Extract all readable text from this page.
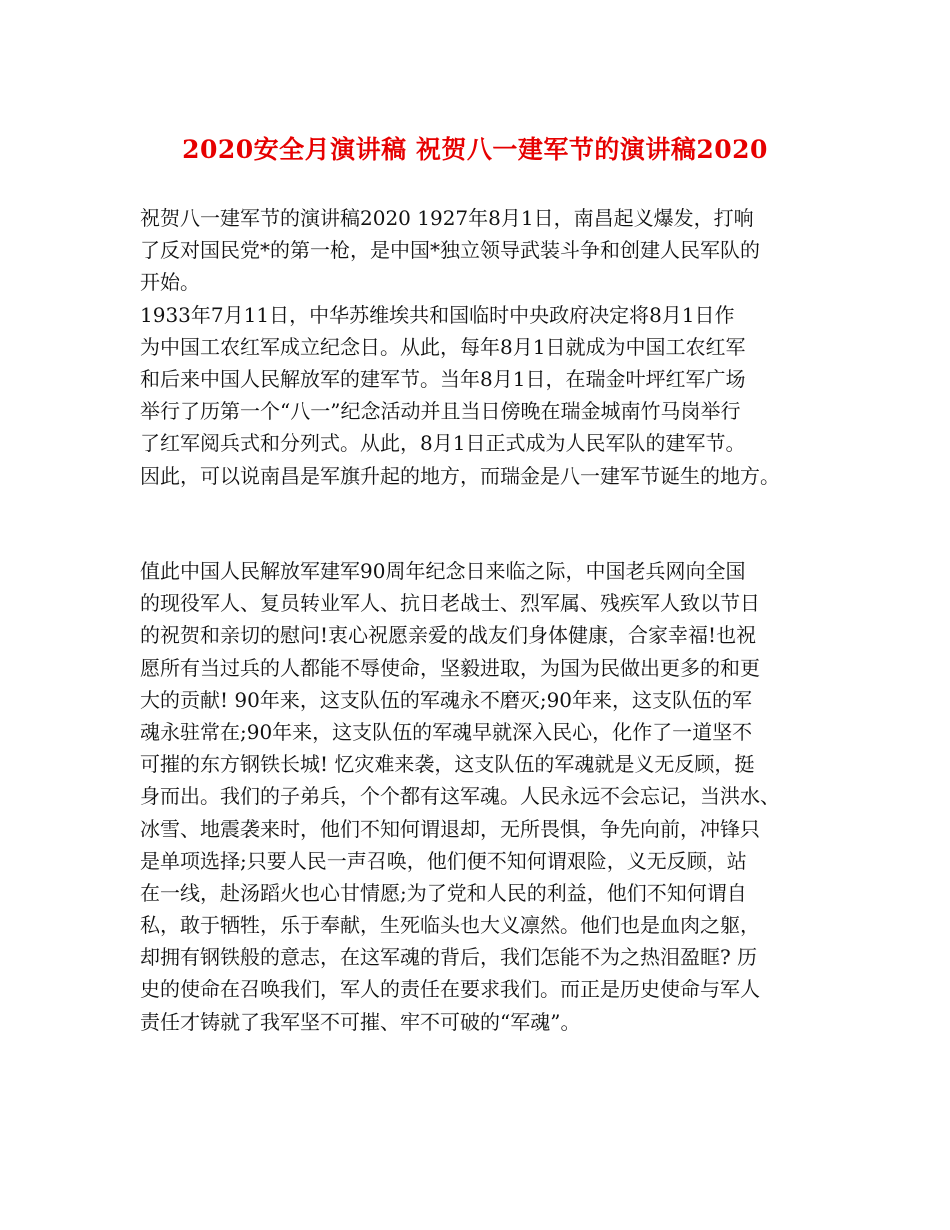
2020安全月演讲稿 祝贺八一建军节的演讲稿2020
祝贺八一建军节的演讲稿2020 1927年8月1日，南昌起义爆发，打响
了反对国民党*的第一枪，是中国*独立领导武装斗争和创建人民军队的
开始。
1933年7月11日，中华苏维埃共和国临时中央政府决定将8月1日作
为中国工农红军成立纪念日。从此，每年8月1日就成为中国工农红军
和后来中国人民解放军的建军节。当年8月1日，在瑞金叶坪红军广场
举行了历第一个“八一”纪念活动并且当日傍晚在瑞金城南竹马岗举行
了红军阅兵式和分列式。从此，8月1日正式成为人民军队的建军节。
因此，可以说南昌是军旗升起的地方，而瑞金是八一建军节诞生的地方。
值此中国人民解放军建军90周年纪念日来临之际，中国老兵网向全国
的现役军人、复员转业军人、抗日老战士、烈军属、残疾军人致以节日
的祝贺和亲切的慰问!衷心祝愿亲爱的战友们身体健康，合家幸福!也祝
愿所有当过兵的人都能不辱使命，坚毅进取，为国为民做出更多的和更
大的贡献! 90年来，这支队伍的军魂永不磨灭;90年来，这支队伍的军
魂永驻常在;90年来，这支队伍的军魂早就深入民心，化作了一道坚不
可摧的东方钢铁长城! 忆灾难来袭，这支队伍的军魂就是义无反顾，挺
身而出。我们的子弟兵，个个都有这军魂。人民永远不会忘记，当洪水、
冰雪、地震袭来时，他们不知何谓退却，无所畏惧，争先向前，冲锋只
是单项选择;只要人民一声召唤，他们便不知何谓艰险，义无反顾，站
在一线，赴汤蹈火也心甘情愿;为了党和人民的利益，他们不知何谓自
私，敢于牺牲，乐于奉献，生死临头也大义凛然。他们也是血肉之躯，
却拥有钢铁般的意志，在这军魂的背后，我们怎能不为之热泪盈眶? 历
史的使命在召唤我们，军人的责任在要求我们。而正是历史使命与军人
责任才铸就了我军坚不可摧、牢不可破的“军魂”。
